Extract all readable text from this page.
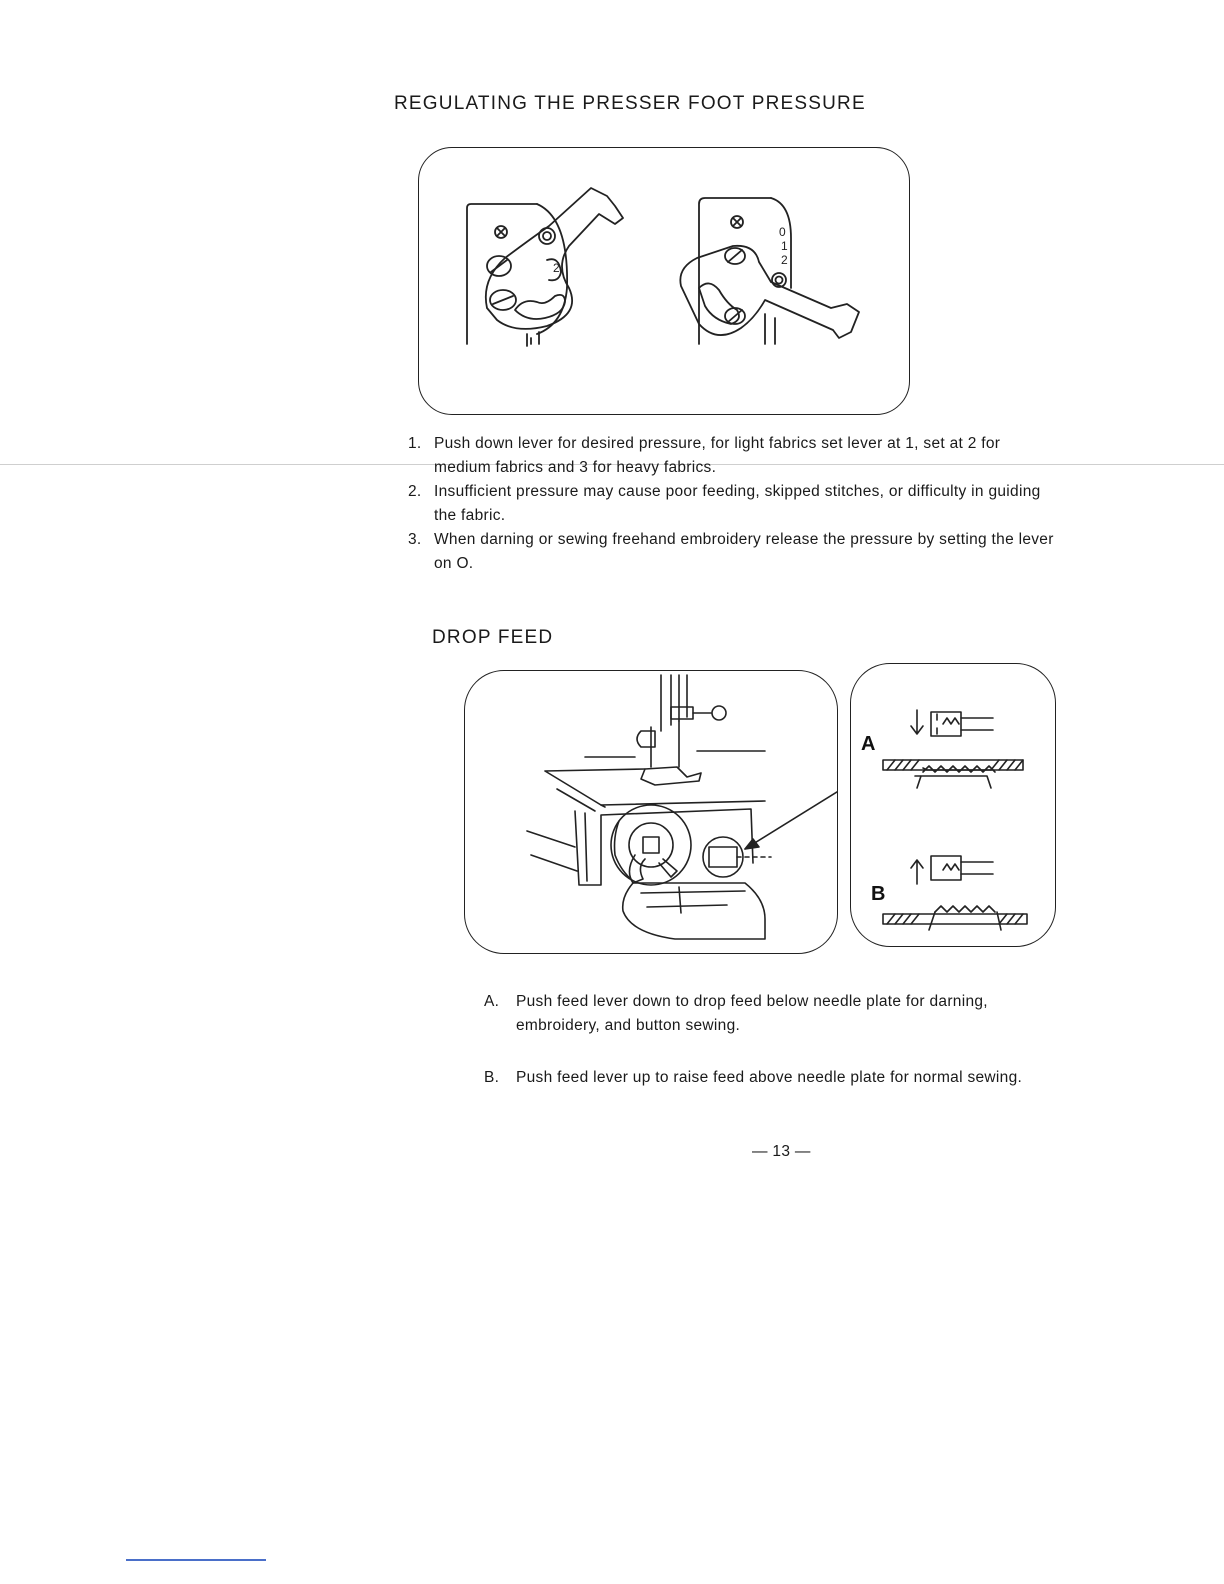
REGULATING THE PRESSER FOOT PRESSURE
2
0
1
2
1. Push down lever for desired pressure, for light fabrics set lever at 1, set at 2 for medium fabrics and 3 for heavy fabrics.
2. Insufficient pressure may cause poor feeding, skipped stitches, or difficulty in guiding the fabric.
3. When darning or sewing freehand embroidery release the pressure by setting the lever on O.
DROP FEED
A
B
A. Push feed lever down to drop feed below needle plate for darning, embroidery, and button sewing.
B. Push feed lever up to raise feed above needle plate for normal sewing.
— 13 —
